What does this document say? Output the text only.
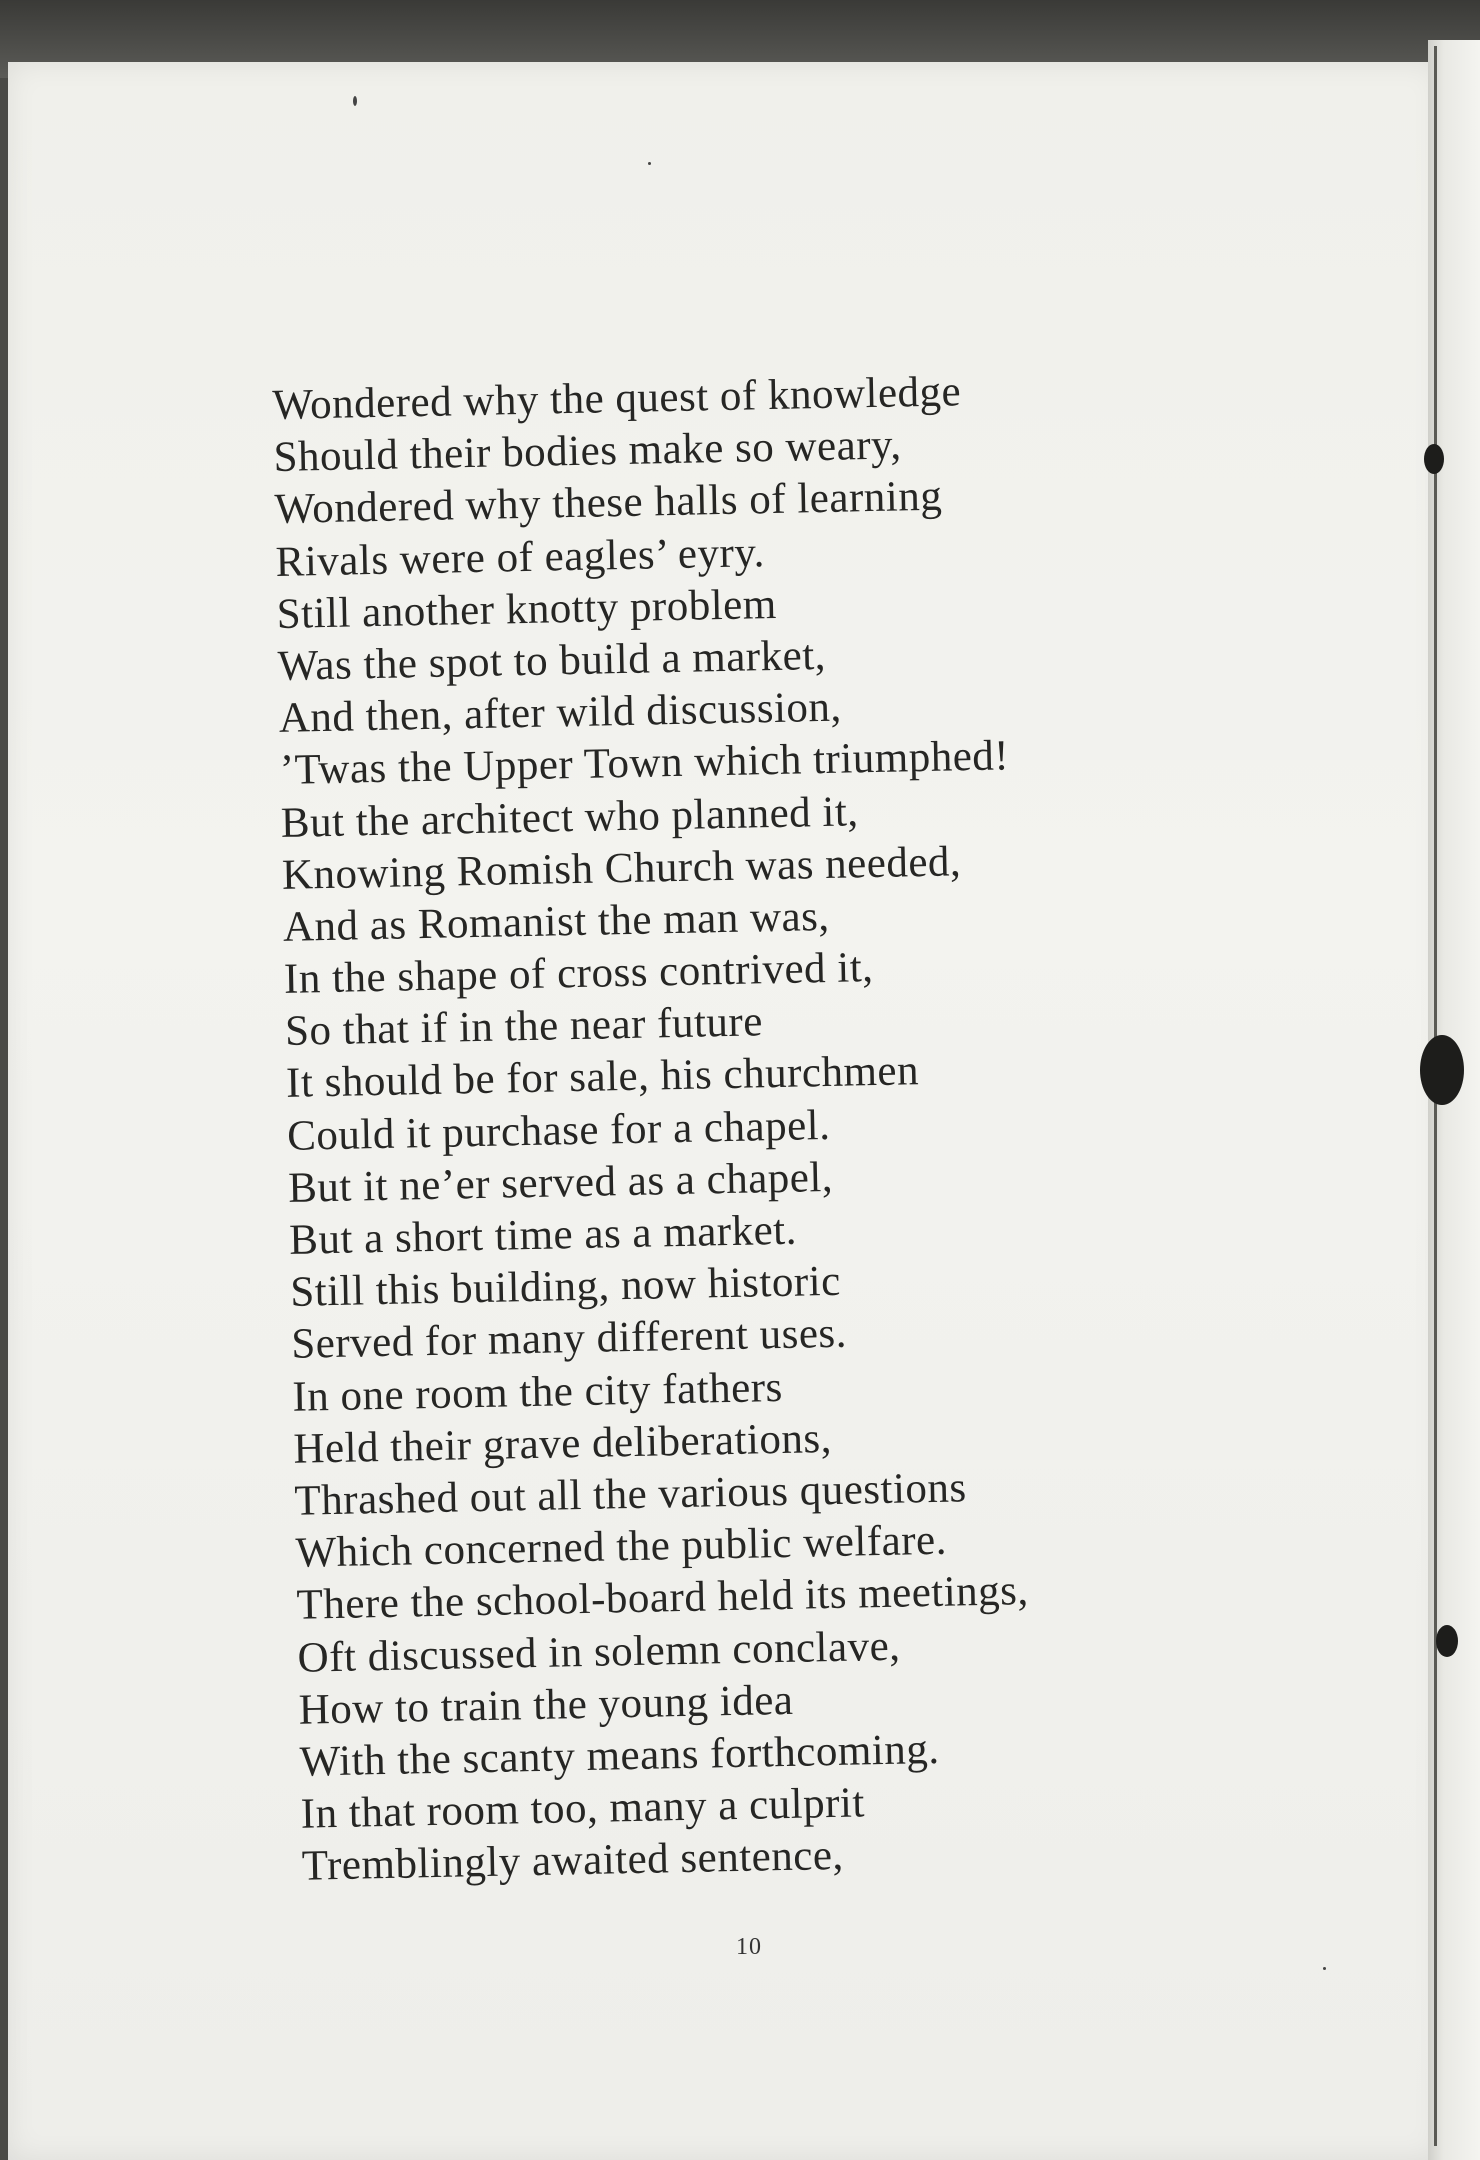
Wondered why the quest of knowledge
Should their bodies make so weary,
Wondered why these halls of learning
Rivals were of eagles’ eyry.
Still another knotty problem
Was the spot to build a market,
And then, after wild discussion,
’Twas the Upper Town which triumphed!
But the architect who planned it,
Knowing Romish Church was needed,
And as Romanist the man was,
In the shape of cross contrived it,
So that if in the near future
It should be for sale, his churchmen
Could it purchase for a chapel.
But it ne’er served as a chapel,
But a short time as a market.
Still this building, now historic
Served for many different uses.
In one room the city fathers
Held their grave deliberations,
Thrashed out all the various questions
Which concerned the public welfare.
There the school-board held its meetings,
Oft discussed in solemn conclave,
How to train the young idea
With the scanty means forthcoming.
In that room too, many a culprit
Tremblingly awaited sentence,
10
